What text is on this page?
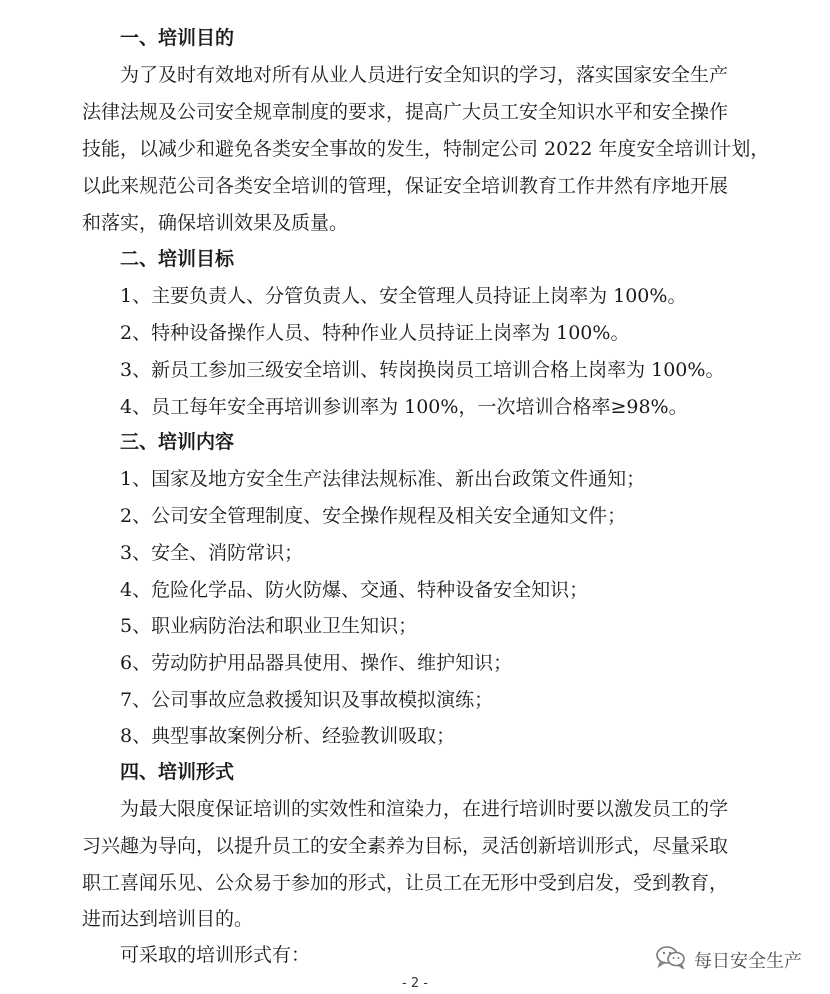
一、培训目的
为了及时有效地对所有从业人员进行安全知识的学习，落实国家安全生产
法律法规及公司安全规章制度的要求，提高广大员工安全知识水平和安全操作
技能，以减少和避免各类安全事故的发生，特制定公司 2022 年度安全培训计划，
以此来规范公司各类安全培训的管理，保证安全培训教育工作井然有序地开展
和落实，确保培训效果及质量。
二、培训目标
1、主要负责人、分管负责人、安全管理人员持证上岗率为 100%。
2、特种设备操作人员、特种作业人员持证上岗率为 100%。
3、新员工参加三级安全培训、转岗换岗员工培训合格上岗率为 100%。
4、员工每年安全再培训参训率为 100%，一次培训合格率≥98%。
三、培训内容
1、国家及地方安全生产法律法规标准、新出台政策文件通知；
2、公司安全管理制度、安全操作规程及相关安全通知文件；
3、安全、消防常识；
4、危险化学品、防火防爆、交通、特种设备安全知识；
5、职业病防治法和职业卫生知识；
6、劳动防护用品器具使用、操作、维护知识；
7、公司事故应急救援知识及事故模拟演练；
8、典型事故案例分析、经验教训吸取；
四、培训形式
为最大限度保证培训的实效性和渲染力，在进行培训时要以激发员工的学
习兴趣为导向，以提升员工的安全素养为目标，灵活创新培训形式，尽量采取
职工喜闻乐见、公众易于参加的形式，让员工在无形中受到启发，受到教育，
进而达到培训目的。
可采取的培训形式有：	每日安全生产
- 2 -
